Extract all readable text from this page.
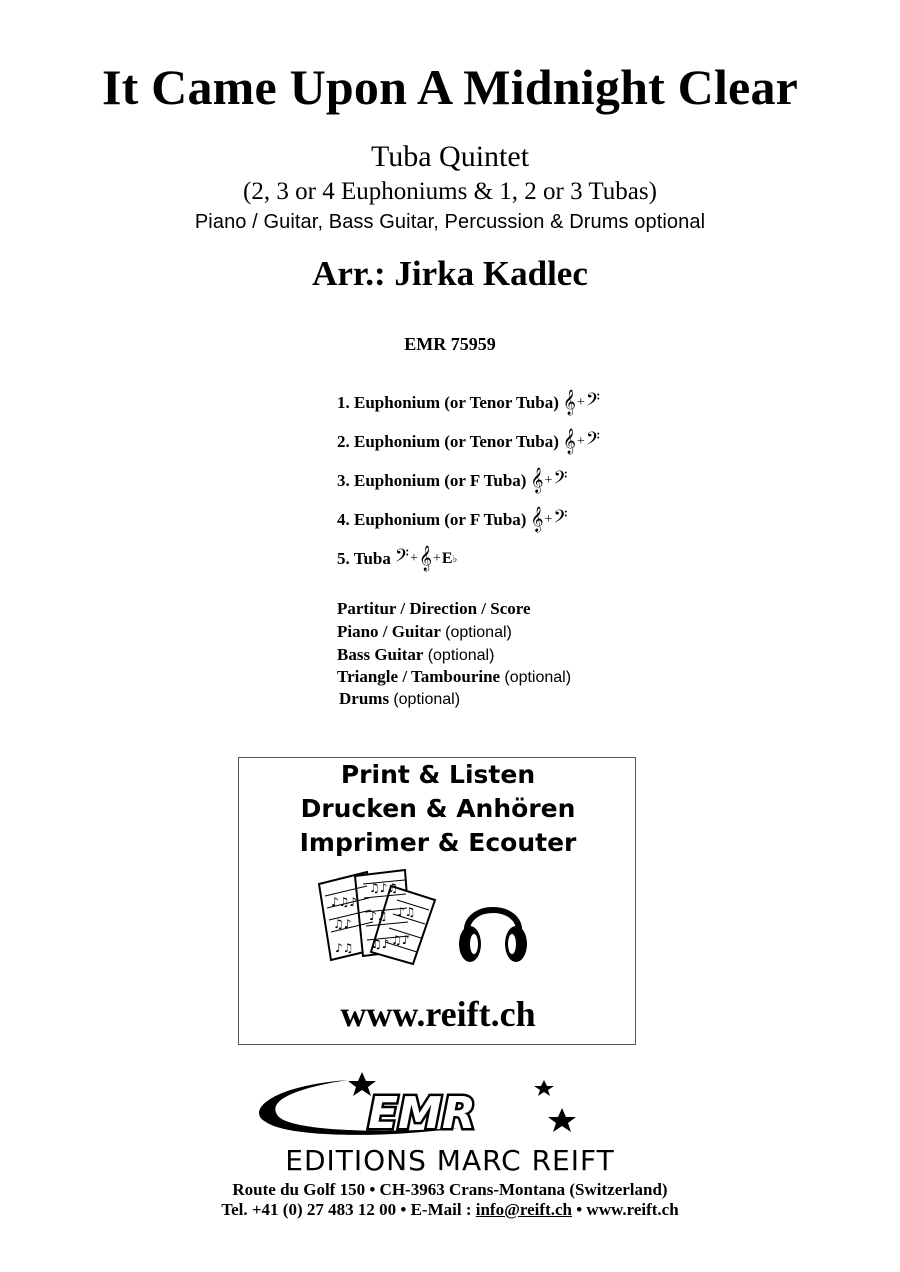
It Came Upon A Midnight Clear
Tuba Quintet
(2, 3 or 4 Euphoniums & 1, 2 or 3 Tubas)
Piano / Guitar, Bass Guitar, Percussion & Drums optional
Arr.: Jirka Kadlec
EMR 75959
1. Euphonium (or Tenor Tuba) 𝄞 + 𝄢
2. Euphonium (or Tenor Tuba) 𝄞 + 𝄢
3. Euphonium (or F Tuba) 𝄞 + 𝄢
4. Euphonium (or F Tuba) 𝄞 + 𝄢
5. Tuba 𝄢 + 𝄞 + E ♭
Partitur / Direction / Score
Piano / Guitar (optional)
Bass Guitar (optional)
Triangle / Tambourine (optional)
Drums (optional)
Print & Listen
Drucken & Anhören
Imprimer & Ecouter
♪♫♪
♫♪
♪♫
♫♪♫
♪♫
♫♪
♪♫
♫♪
www.reift.ch
EMR
EDITIONS MARC REIFT
Route du Golf 150 • CH-3963 Crans-Montana (Switzerland)
Tel. +41 (0) 27 483 12 00 • E-Mail : info@reift.ch • www.reift.ch
